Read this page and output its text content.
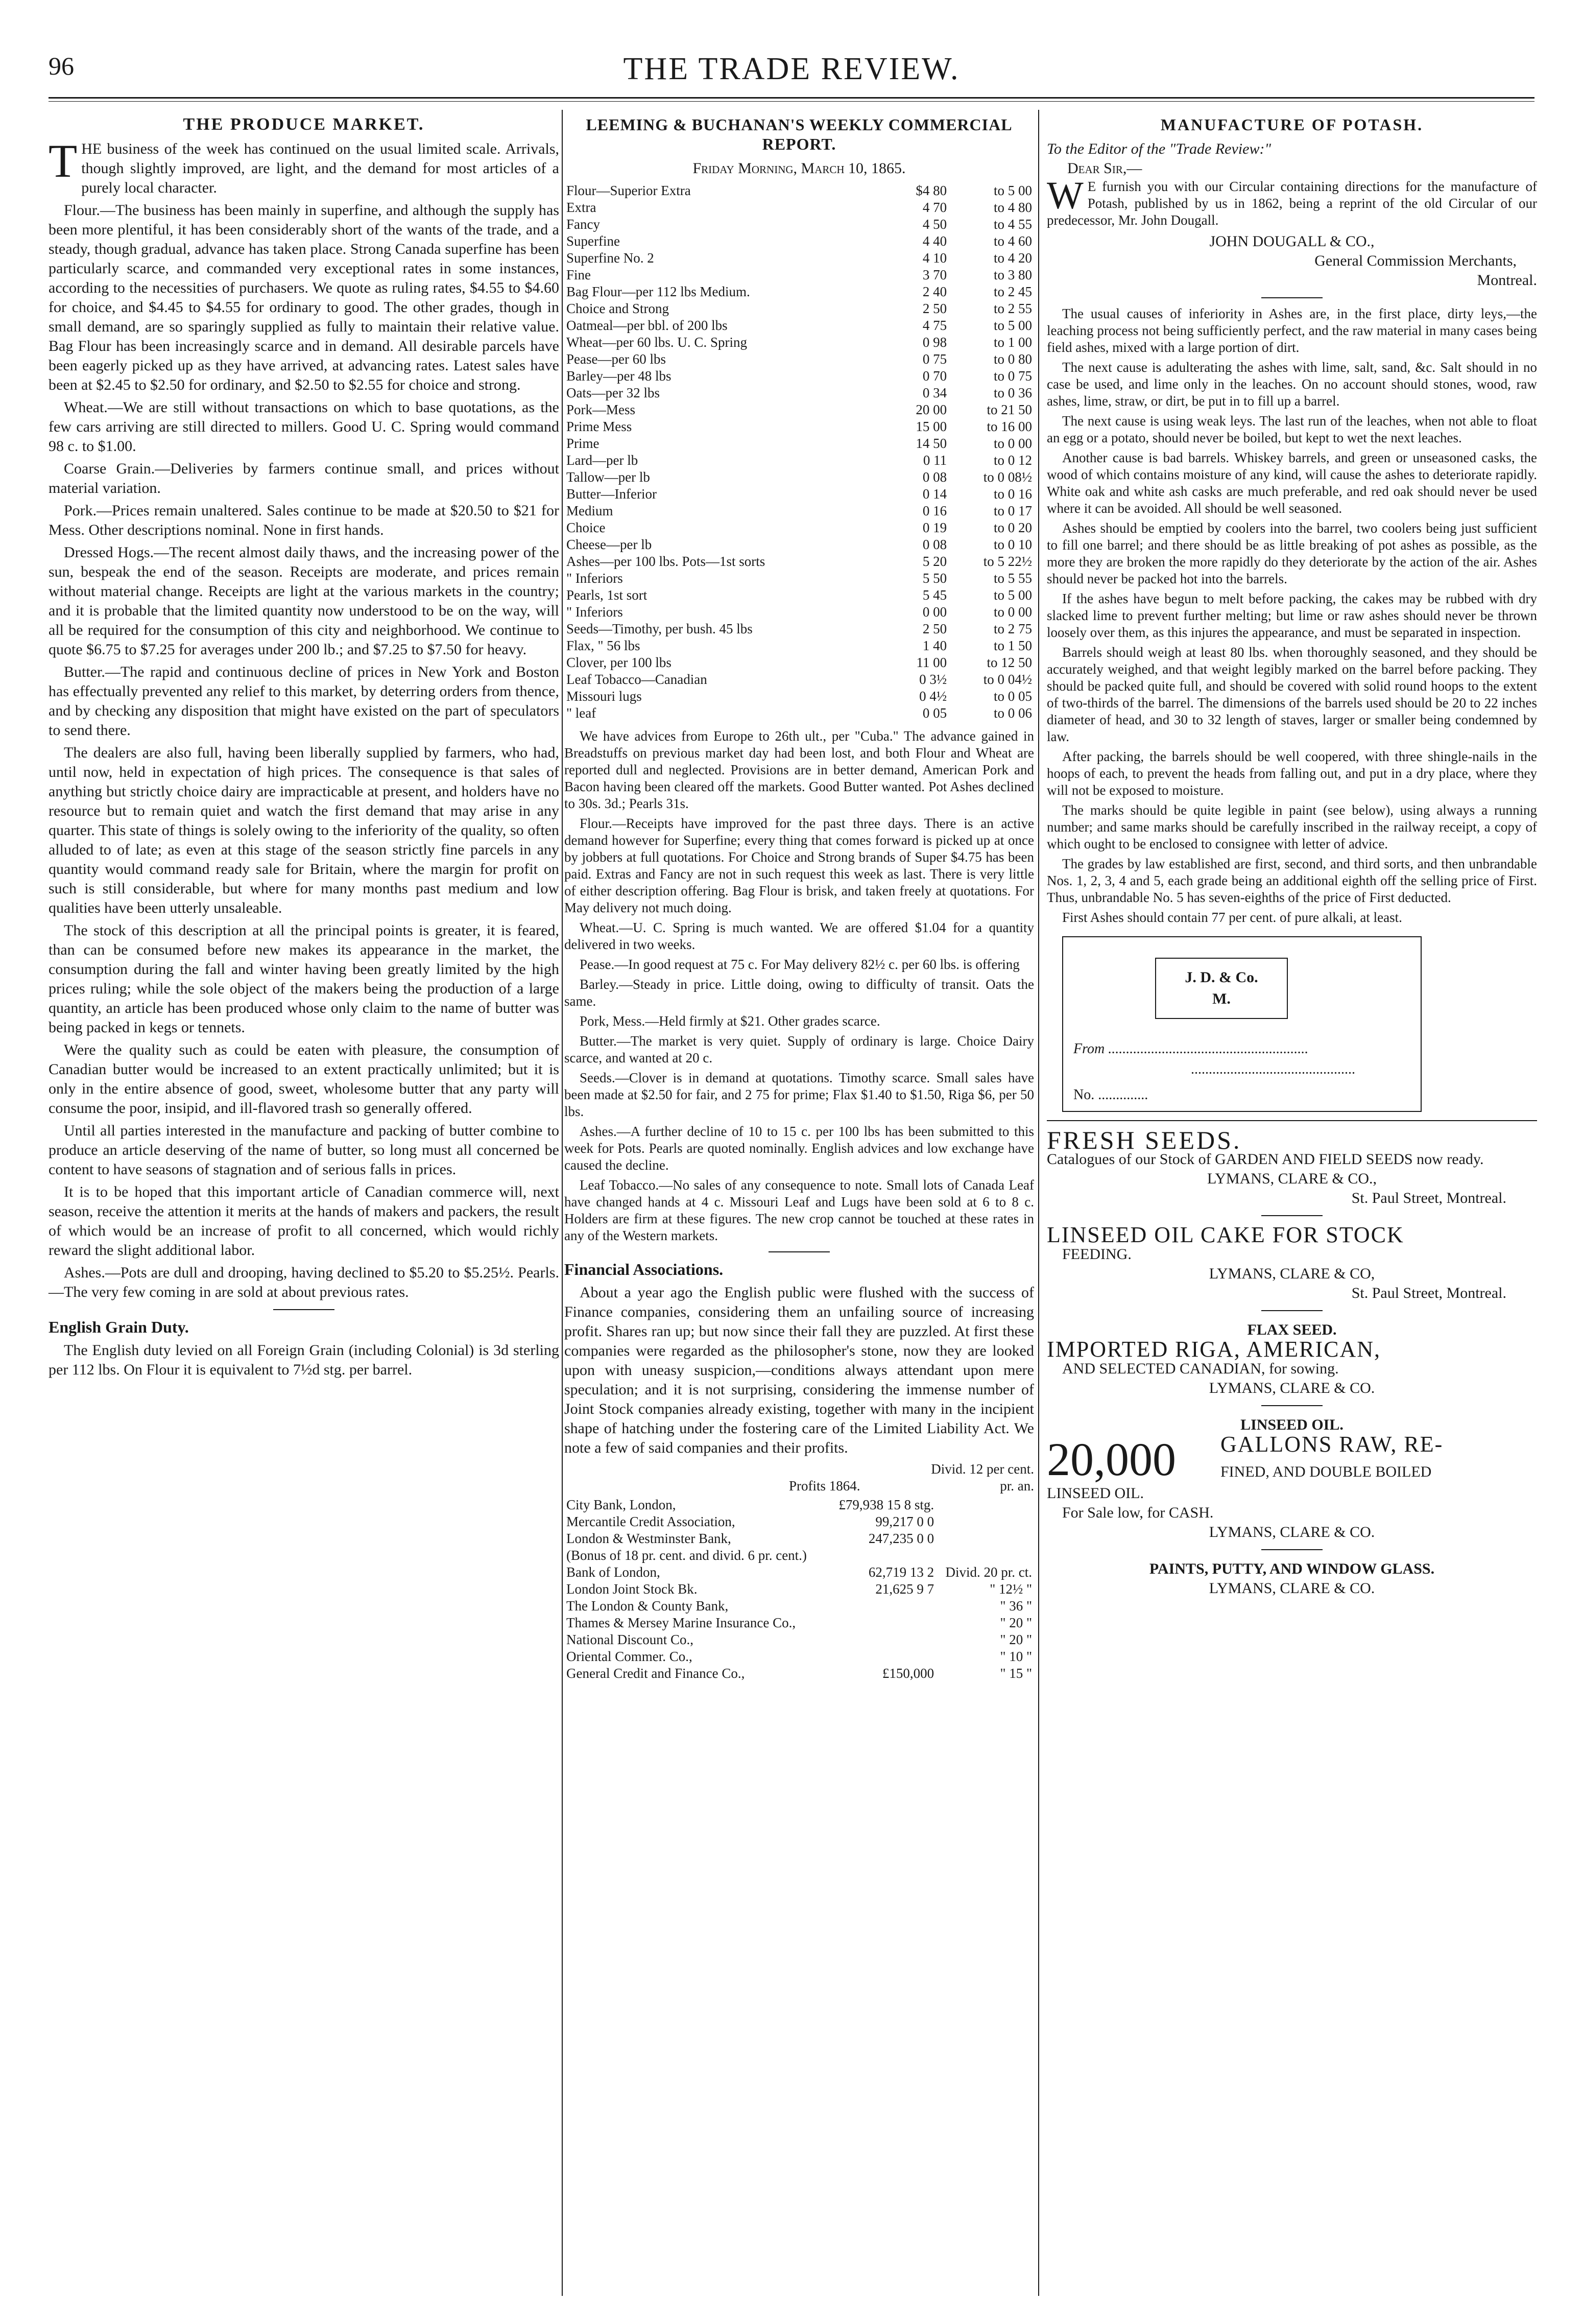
96	THE TRADE REVIEW.
THE PRODUCE MARKET.

THE business of the week has continued on the usual limited scale. Arrivals, though slightly improved, are light, and the demand for most articles of a purely local character.

Flour.—The business has been mainly in superfine, and although the supply has been more plentiful, it has been considerably short of the wants of the trade, and a steady, though gradual, advance has taken place. Strong Canada superfine has been particularly scarce, and commanded very exceptional rates in some instances, according to the necessities of purchasers. We quote as ruling rates, $4.55 to $4.60 for choice, and $4.45 to $4.55 for ordinary to good. The other grades, though in small demand, are so sparingly supplied as fully to maintain their relative value. Bag Flour has been increasingly scarce and in demand. All desirable parcels have been eagerly picked up as they have arrived, at advancing rates. Latest sales have been at $2.45 to $2.50 for ordinary, and $2.50 to $2.55 for choice and strong.

Wheat.—We are still without transactions on which to base quotations, as the few cars arriving are still directed to millers. Good U. C. Spring would command 98 c. to $1.00.

Coarse Grain.—Deliveries by farmers continue small, and prices without material variation.

Pork.—Prices remain unaltered. Sales continue to be made at $20.50 to $21 for Mess. Other descriptions nominal. None in first hands.

Dressed Hogs.—The recent almost daily thaws, and the increasing power of the sun, bespeak the end of the season. Receipts are moderate, and prices remain without material change. Receipts are light at the various markets in the country; and it is probable that the limited quantity now understood to be on the way, will all be required for the consumption of this city and neighborhood. We continue to quote $6.75 to $7.25 for averages under 200 lb.; and $7.25 to $7.50 for heavy.

Butter.—The rapid and continuous decline of prices in New York and Boston has effectually prevented any relief to this market, by deterring orders from thence, and by checking any disposition that might have existed on the part of speculators to send there.

The dealers are also full, having been liberally supplied by farmers, who had, until now, held in expectation of high prices. The consequence is that sales of anything but strictly choice dairy are impracticable at present, and holders have no resource but to remain quiet and watch the first demand that may arise in any quarter. This state of things is solely owing to the inferiority of the quality, so often alluded to of late; as even at this stage of the season strictly fine parcels in any quantity would command ready sale for Britain, where the margin for profit on such is still considerable, but where for many months past medium and low qualities have been utterly unsaleable.

The stock of this description at all the principal points is greater, it is feared, than can be consumed before new makes its appearance in the market, the consumption during the fall and winter having been greatly limited by the high prices ruling; while the sole object of the makers being the production of a large quantity, an article has been produced whose only claim to the name of butter was being packed in kegs or tennets.

Were the quality such as could be eaten with pleasure, the consumption of Canadian butter would be increased to an extent practically unlimited; but it is only in the entire absence of good, sweet, wholesome butter that any party will consume the poor, insipid, and ill-flavored trash so generally offered.

Until all parties interested in the manufacture and packing of butter combine to produce an article deserving of the name of butter, so long must all concerned be content to have seasons of stagnation and of serious falls in prices.

It is to be hoped that this important article of Canadian commerce will, next season, receive the attention it merits at the hands of makers and packers, the result of which would be an increase of profit to all concerned, which would richly reward the slight additional labor.

Ashes.—Pots are dull and drooping, having declined to $5.20 to $5.25½. Pearls.—The very few coming in are sold at about previous rates.

English Grain Duty.

The English duty levied on all Foreign Grain (including Colonial) is 3d sterling per 112 lbs. On Flour it is equivalent to 7½d stg. per barrel.

LEEMING & BUCHANAN'S WEEKLY COMMERCIAL REPORT.
Friday Morning, March 10, 1865.
Flour—Superior Extra	$4 80	to 5 00
Extra	4 70	to 4 80
Fancy	4 50	to 4 55
Superfine	4 40	to 4 60
Superfine No. 2	4 10	to 4 20
Fine	3 70	to 3 80
Bag Flour—per 112 lbs Medium.	2 40	to 2 45
Choice and Strong	2 50	to 2 55
Oatmeal—per bbl. of 200 lbs	4 75	to 5 00
Wheat—per 60 lbs. U. C. Spring	0 98	to 1 00
Pease—per 60 lbs	0 75	to 0 80
Barley—per 48 lbs	0 70	to 0 75
Oats—per 32 lbs	0 34	to 0 36
Pork—Mess	20 00	to 21 50
Prime Mess	15 00	to 16 00
Prime	14 50	to 0 00
Lard—per lb	0 11	to 0 12
Tallow—per lb	0 08	to 0 08½
Butter—Inferior	0 14	to 0 16
Medium	0 16	to 0 17
Choice	0 19	to 0 20
Cheese—per lb	0 08	to 0 10
Ashes—per 100 lbs. Pots—1st sorts	5 20	to 5 22½
" Inferiors	5 50	to 5 55
Pearls, 1st sort	5 45	to 5 00
" Inferiors	0 00	to 0 00
Seeds—Timothy, per bush. 45 lbs	2 50	to 2 75
Flax, " 56 lbs	1 40	to 1 50
Clover, per 100 lbs	11 00	to 12 50
Leaf Tobacco—Canadian	0 3½	to 0 04½
Missouri lugs	0 4½	to 0 05
" leaf	0 05	to 0 06

We have advices from Europe to 26th ult., per "Cuba." The advance gained in Breadstuffs on previous market day had been lost, and both Flour and Wheat are reported dull and neglected. Provisions are in better demand, American Pork and Bacon having been cleared off the markets. Good Butter wanted. Pot Ashes declined to 30s. 3d.; Pearls 31s.

Flour.—Receipts have improved for the past three days. There is an active demand however for Superfine; every thing that comes forward is picked up at once by jobbers at full quotations. For Choice and Strong brands of Super $4.75 has been paid. Extras and Fancy are not in such request this week as last. There is very little of either description offering. Bag Flour is brisk, and taken freely at quotations. For May delivery not much doing.

Wheat.—U. C. Spring is much wanted. We are offered $1.04 for a quantity delivered in two weeks.

Pease.—In good request at 75 c. For May delivery 82½ c. per 60 lbs. is offering

Barley.—Steady in price. Little doing, owing to difficulty of transit. Oats the same.

Pork, Mess.—Held firmly at $21. Other grades scarce.

Butter.—The market is very quiet. Supply of ordinary is large. Choice Dairy scarce, and wanted at 20 c.

Seeds.—Clover is in demand at quotations. Timothy scarce. Small sales have been made at $2.50 for fair, and 2 75 for prime; Flax $1.40 to $1.50, Riga $6, per 50 lbs.

Ashes.—A further decline of 10 to 15 c. per 100 lbs has been submitted to this week for Pots. Pearls are quoted nominally. English advices and low exchange have caused the decline.

Leaf Tobacco.—No sales of any consequence to note. Small lots of Canada Leaf have changed hands at 4 c. Missouri Leaf and Lugs have been sold at 6 to 8 c. Holders are firm at these figures. The new crop cannot be touched at these rates in any of the Western markets.

Financial Associations.

About a year ago the English public were flushed with the success of Finance companies, considering them an unfailing source of increasing profit. Shares ran up; but now since their fall they are puzzled. At first these companies were regarded as the philosopher's stone, now they are looked upon with uneasy suspicion,—conditions always attendant upon mere speculation; and it is not surprising, considering the immense number of Joint Stock companies already existing, together with many in the incipient shape of hatching under the fostering care of the Limited Liability Act. We note a few of said companies and their profits.

Profits 1864.
Divid. 12 per cent. pr. an.
City Bank, London,	£79,938 15 8 stg.	
Mercantile Credit Association,	99,217 0 0	
London & Westminster Bank,	247,235 0 0	
(Bonus of 18 pr. cent. and divid. 6 pr. cent.)		
Bank of London,	62,719 13 2	Divid. 20 pr. ct.
London Joint Stock Bk.	21,625 9 7	" 12½ "
The London & County Bank,		" 36 "
Thames & Mersey Marine Insurance Co.,		" 20 "
National Discount Co.,		" 20 "
Oriental Commer. Co.,		" 10 "
General Credit and Finance Co.,	£150,000	" 15 "
MANUFACTURE OF POTASH.
To the Editor of the "Trade Review:"
Dear Sir,—

W E furnish you with our Circular containing directions for the manufacture of Potash, published by us in 1862, being a reprint of the old Circular of our predecessor, Mr. John Dougall.

JOHN DOUGALL & CO.,
General Commission Merchants,
Montreal.

The usual causes of inferiority in Ashes are, in the first place, dirty leys,—the leaching process not being sufficiently perfect, and the raw material in many cases being field ashes, mixed with a large portion of dirt.

The next cause is adulterating the ashes with lime, salt, sand, &c. Salt should in no case be used, and lime only in the leaches. On no account should stones, wood, raw ashes, lime, straw, or dirt, be put in to fill up a barrel.

The next cause is using weak leys. The last run of the leaches, when not able to float an egg or a potato, should never be boiled, but kept to wet the next leaches.

Another cause is bad barrels. Whiskey barrels, and green or unseasoned casks, the wood of which contains moisture of any kind, will cause the ashes to deteriorate rapidly. White oak and white ash casks are much preferable, and red oak should never be used where it can be avoided. All should be well seasoned.

Ashes should be emptied by coolers into the barrel, two coolers being just sufficient to fill one barrel; and there should be as little breaking of pot ashes as possible, as the more they are broken the more rapidly do they deteriorate by the action of the air. Ashes should never be packed hot into the barrels.

If the ashes have begun to melt before packing, the cakes may be rubbed with dry slacked lime to prevent further melting; but lime or raw ashes should never be thrown loosely over them, as this injures the appearance, and must be separated in inspection.

Barrels should weigh at least 80 lbs. when thoroughly seasoned, and they should be accurately weighed, and that weight legibly marked on the barrel before packing. They should be packed quite full, and should be covered with solid round hoops to the extent of two-thirds of the barrel. The dimensions of the barrels used should be 20 to 22 inches diameter of head, and 30 to 32 length of staves, larger or smaller being condemned by law.

After packing, the barrels should be well coopered, with three shingle-nails in the hoops of each, to prevent the heads from falling out, and put in a dry place, where they will not be exposed to moisture.

The marks should be quite legible in paint (see below), using always a running number; and same marks should be carefully inscribed in the railway receipt, a copy of which ought to be enclosed to consignee with letter of advice.

The grades by law established are first, second, and third sorts, and then unbrandable Nos. 1, 2, 3, 4 and 5, each grade being an additional eighth off the selling price of First. Thus, unbrandable No. 5 has seven-eighths of the price of First deducted.

First Ashes should contain 77 per cent. of pure alkali, at least.

J. D. & Co.
M.
From ........................................................
..............................................
No. ..............
FRESH SEEDS.
Catalogues of our Stock of GARDEN AND FIELD SEEDS now ready.
LYMANS, CLARE & CO.,
St. Paul Street, Montreal.
LINSEED OIL CAKE FOR STOCK
FEEDING.
LYMANS, CLARE & CO,
St. Paul Street, Montreal.
FLAX SEED.
IMPORTED RIGA, AMERICAN,
AND SELECTED CANADIAN, for sowing.
LYMANS, CLARE & CO.
LINSEED OIL.
20,000 GALLONS RAW, RE-
FINED, AND DOUBLE BOILED
LINSEED OIL.
For Sale low, for CASH.
LYMANS, CLARE & CO.
PAINTS, PUTTY, AND WINDOW GLASS.
LYMANS, CLARE & CO.
